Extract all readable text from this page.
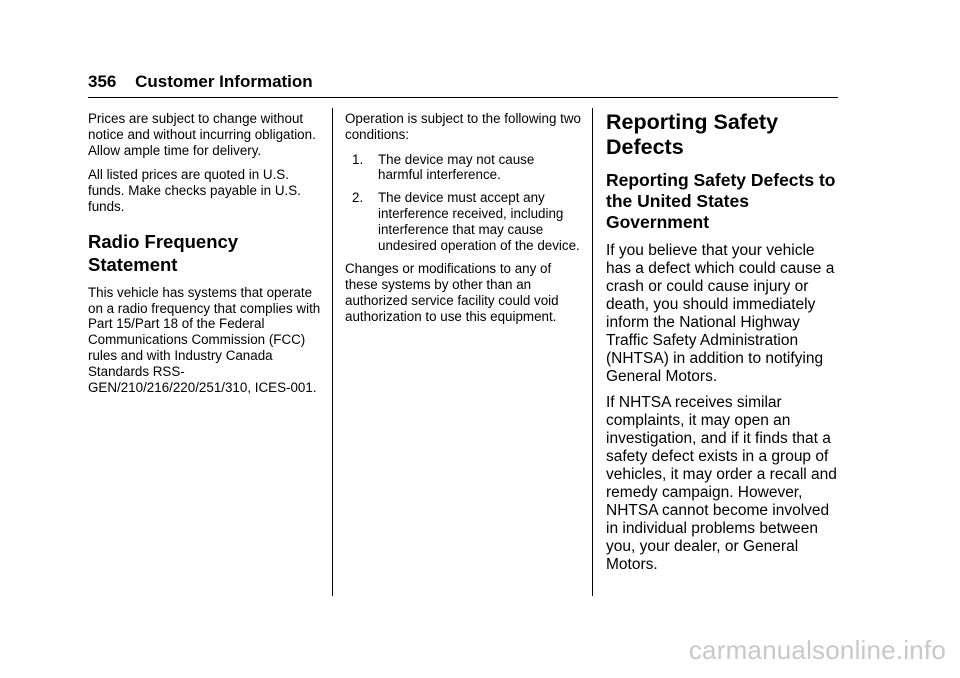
356 Customer Information

Prices are subject to change without notice and without incurring obligation. Allow ample time for delivery.

All listed prices are quoted in U.S. funds. Make checks payable in U.S. funds.

Radio Frequency Statement

This vehicle has systems that operate on a radio frequency that complies with Part 15/Part 18 of the Federal Communications Commission (FCC) rules and with Industry Canada Standards RSS-GEN/210/216/220/251/310, ICES-001.

Operation is subject to the following two conditions:

1.	The device may not cause harmful interference.
2.	The device must accept any interference received, including interference that may cause undesired operation of the device.

Changes or modifications to any of these systems by other than an authorized service facility could void authorization to use this equipment.

Reporting Safety Defects
Reporting Safety Defects to the United States Government

If you believe that your vehicle has a defect which could cause a crash or could cause injury or death, you should immediately inform the National Highway Traffic Safety Administration (NHTSA) in addition to notifying General Motors.

If NHTSA receives similar complaints, it may open an investigation, and if it finds that a safety defect exists in a group of vehicles, it may order a recall and remedy campaign. However, NHTSA cannot become involved in individual problems between you, your dealer, or General Motors.

carmanualsonline.info
